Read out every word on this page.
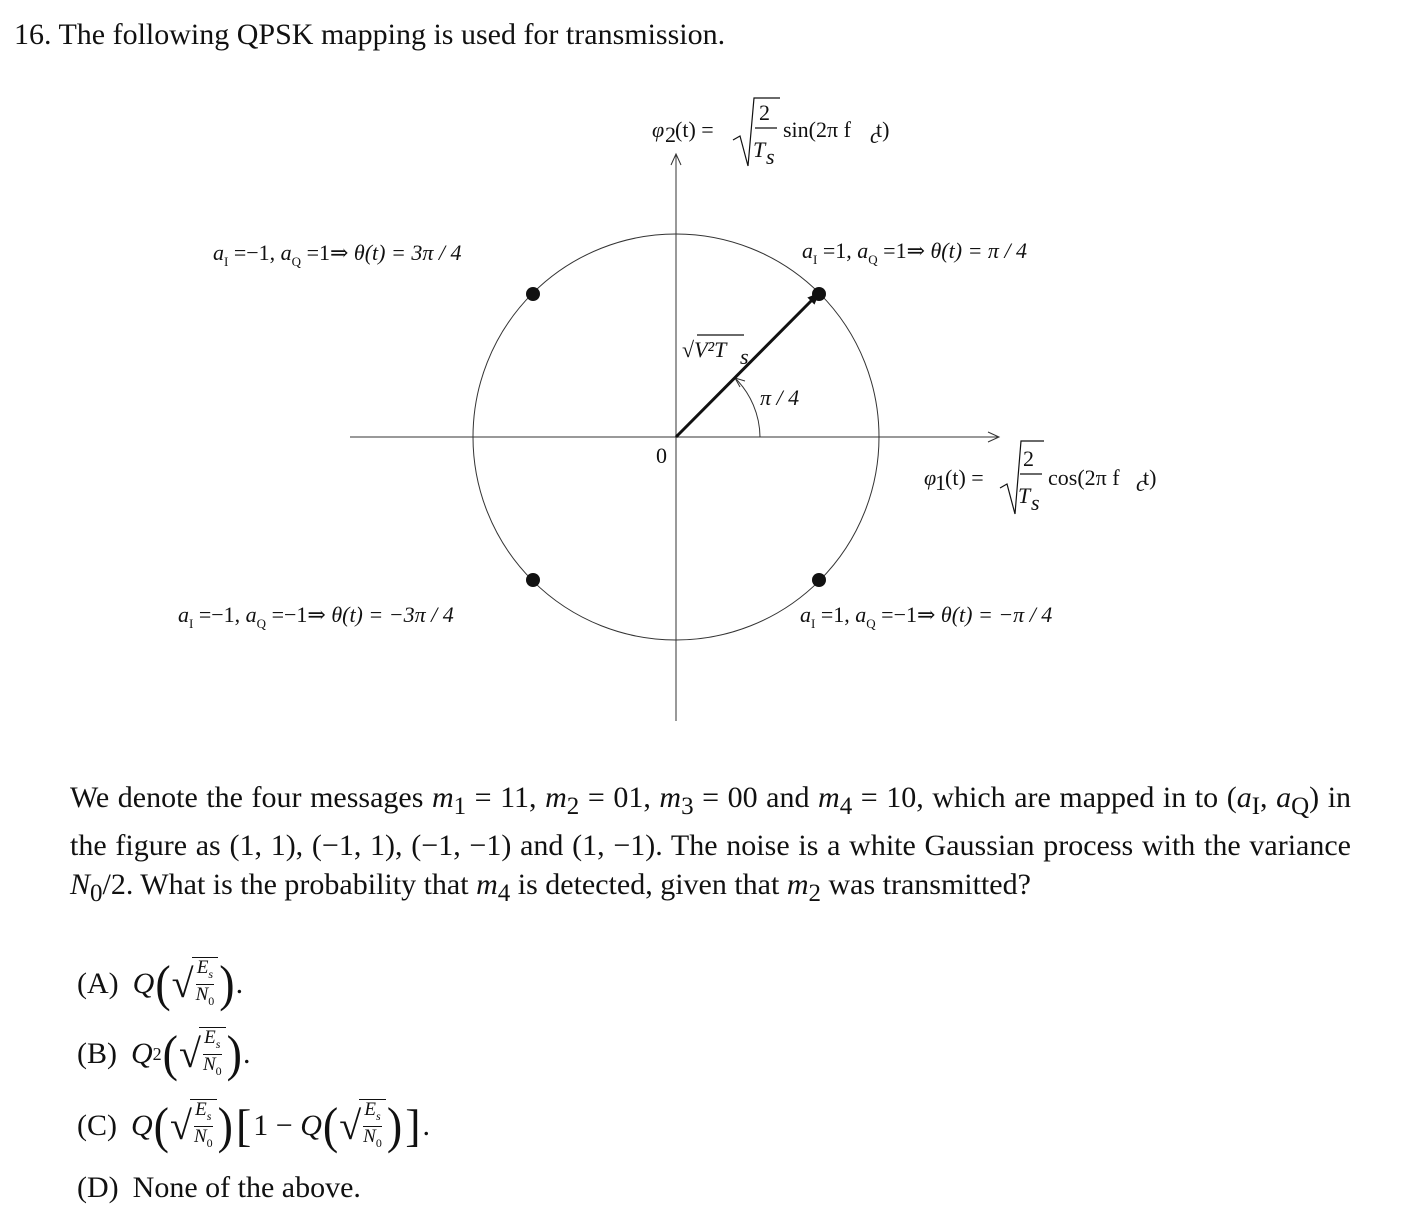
16. The following QPSK mapping is used for transmission.
0
π / 4
√V²T s
φ 2 (t) =
2
T s
sin(2π f c
t)
φ
1 (t) =
2
T s
cos(2π f c
t)
$a_I =1$, $a_Q$ =1⇒ θ(t) = π / 4
$a_I =-1$, $a_Q$ =1⇒ θ(t) = 3π / 4
$a_I =-1$, $a_Q$ =−1⇒ θ(t) = −3π / 4	$a_I =1$, $a_Q$ =−1⇒ θ(t) = −π / 4
We denote the four messages $m_1 = 11$, $m_2 = 01$, $m_3 = 00$ and $m_4 = 10$, which are mapped in to ($a_I$, $a_Q$) in the figure as (1, 1), (−1, 1), (−1, −1) and (1, −1). The noise is a white Gaussian process with the variance $N_0/2$. What is the probability that $m_4$ is detected, given that $m_2$ was transmitted?
(A) Q ( √
$\frac{E_s}{N_0}$ ) .
(B) Q 2 ( √
$\frac{E_s}{N_0}$ ) .
(C) Q ( √
$\frac{E_s}{N_0}$ ) [ 1 −
Q ( √
$\frac{E_s}{N_0}$ ) ] .
(D) None of the above.
